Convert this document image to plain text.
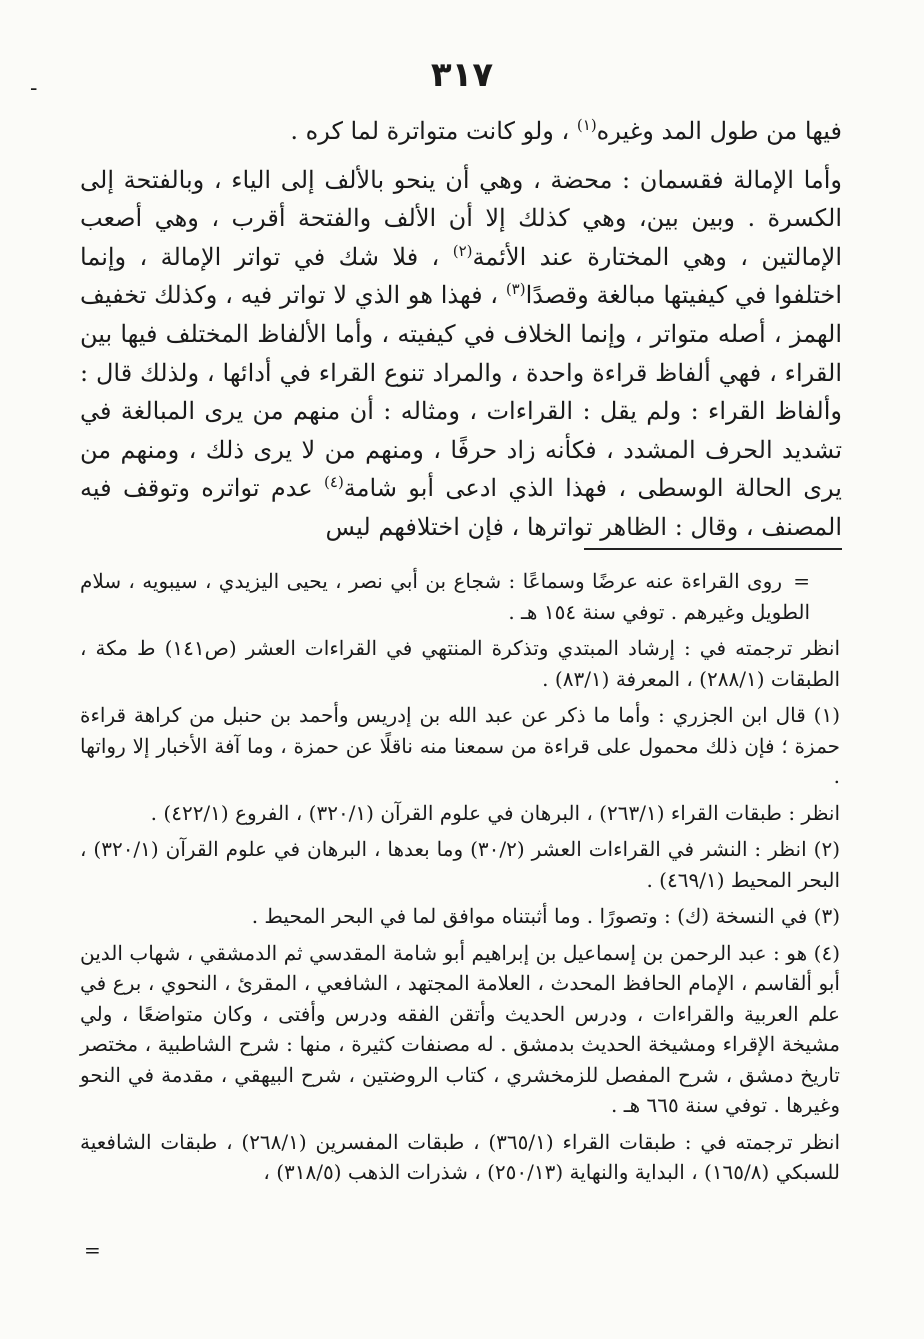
-	٣١٧

فيها من طول المد وغيره$^{(١)}$ ، ولو كانت متواترة لما كره .

وأما الإمالة فقسمان : محضة ، وهي أن ينحو بالألف إلى الياء ، وبالفتحة إلى الكسرة . وبين بين، وهي كذلك إلا أن الألف والفتحة أقرب ، وهي أصعب الإمالتين ، وهي المختارة عند الأئمة$^{(٢)}$ ، فلا شك في تواتر الإمالة ، وإنما اختلفوا في كيفيتها مبالغة وقصدًا$^{(٣)}$ ، فهذا هو الذي لا تواتر فيه ، وكذلك تخفيف الهمز ، أصله متواتر ، وإنما الخلاف في كيفيته ، وأما الألفاظ المختلف فيها بين القراء ، فهي ألفاظ قراءة واحدة ، والمراد تنوع القراء في أدائها ، ولذلك قال : وألفاظ القراء : ولم يقل : القراءات ، ومثاله : أن منهم من يرى المبالغة في تشديد الحرف المشدد ، فكأنه زاد حرفًا ، ومنهم من لا يرى ذلك ، ومنهم من يرى الحالة الوسطى ، فهذا الذي ادعى أبو شامة$^{(٤)}$ عدم تواتره وتوقف فيه المصنف ، وقال : الظاهر تواترها ، فإن اختلافهم ليس

=روى القراءة عنه عرضًا وسماعًا : شجاع بن أبي نصر ، يحيى اليزيدي ، سيبويه ، سلام الطويل وغيرهم . توفي سنة ١٥٤ هـ .
انظر ترجمته في : إرشاد المبتدي وتذكرة المنتهي في القراءات العشر (ص١٤١) ط مكة ، الطبقات (٢٨٨/١) ، المعرفة (٨٣/١) .
(١) قال ابن الجزري : وأما ما ذكر عن عبد الله بن إدريس وأحمد بن حنبل من كراهة قراءة حمزة ؛ فإن ذلك محمول على قراءة من سمعنا منه ناقلًا عن حمزة ، وما آفة الأخبار إلا رواتها .
انظر : طبقات القراء (٢٦٣/١) ، البرهان في علوم القرآن (٣٢٠/١) ، الفروع (٤٢٢/١) .
(٢) انظر : النشر في القراءات العشر (٣٠/٢) وما بعدها ، البرهان في علوم القرآن (٣٢٠/١) ، البحر المحيط (٤٦٩/١) .
(٣) في النسخة (ك) : وتصورًا . وما أثبتناه موافق لما في البحر المحيط .
(٤) هو : عبد الرحمن بن إسماعيل بن إبراهيم أبو شامة المقدسي ثم الدمشقي ، شهاب الدين أبو ألقاسم ، الإمام الحافظ المحدث ، العلامة المجتهد ، الشافعي ، المقرئ ، النحوي ، برع في علم العربية والقراءات ، ودرس الحديث وأتقن الفقه ودرس وأفتى ، وكان متواضعًا ، ولي مشيخة الإقراء ومشيخة الحديث بدمشق . له مصنفات كثيرة ، منها : شرح الشاطبية ، مختصر تاريخ دمشق ، شرح المفصل للزمخشري ، كتاب الروضتين ، شرح البيهقي ، مقدمة في النحو وغيرها . توفي سنة ٦٦٥ هـ .
انظر ترجمته في : طبقات القراء (٣٦٥/١) ، طبقات المفسرين (٢٦٨/١) ، طبقات الشافعية للسبكي (١٦٥/٨) ، البداية والنهاية (٢٥٠/١٣) ، شذرات الذهب (٣١٨/٥) ،
=
